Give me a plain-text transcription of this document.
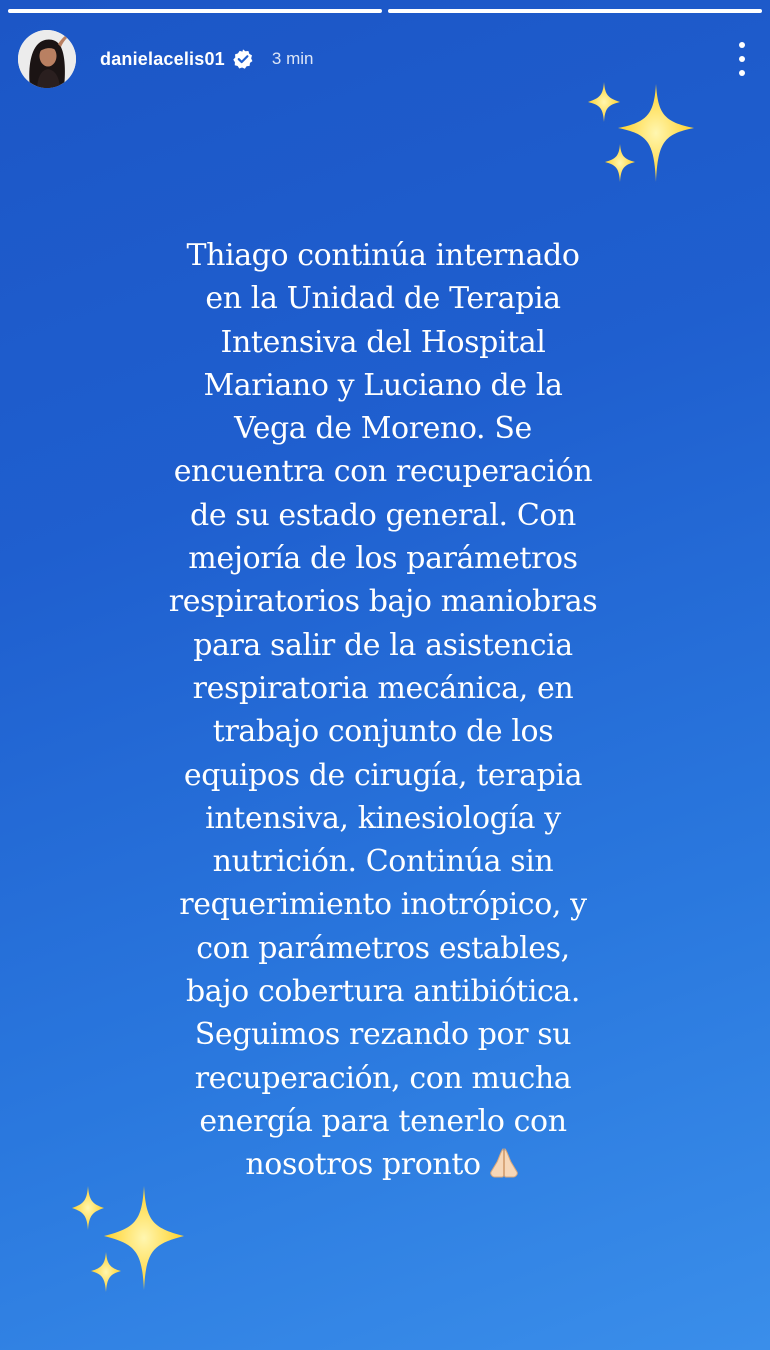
danielacelis01	3 min

Thiago continúa internado
en la Unidad de Terapia
Intensiva del Hospital
Mariano y Luciano de la
Vega de Moreno. Se
encuentra con recuperación
de su estado general. Con
mejoría de los parámetros
respiratorios bajo maniobras
para salir de la asistencia
respiratoria mecánica, en
trabajo conjunto de los
equipos de cirugía, terapia
intensiva, kinesiología y
nutrición. Continúa sin
requerimiento inotrópico, y
con parámetros estables,
bajo cobertura antibiótica.
Seguimos rezando por su
recuperación, con mucha
energía para tenerlo con
nosotros pronto
